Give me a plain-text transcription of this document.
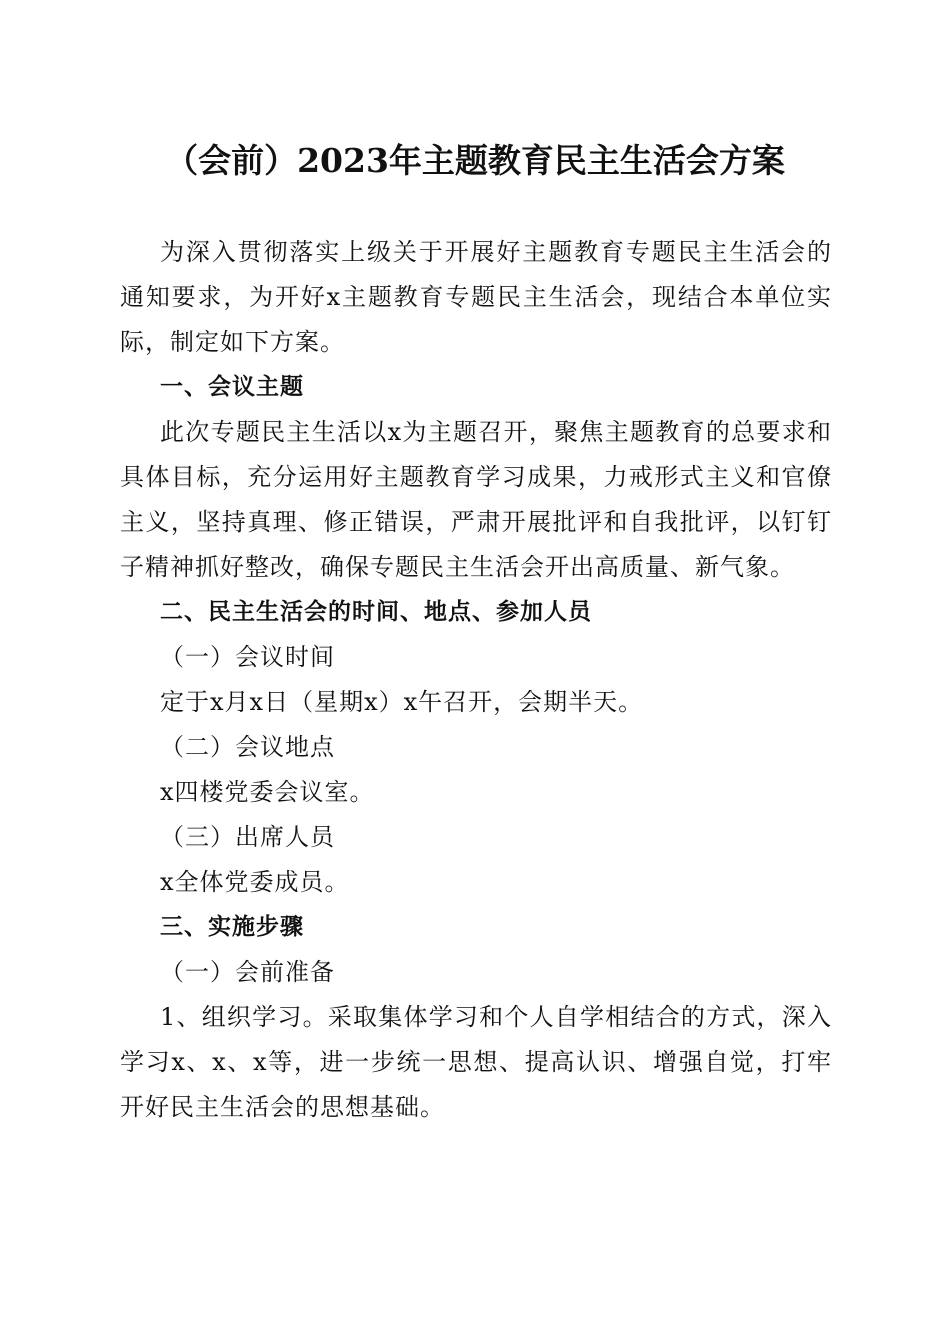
（会前）2023年主题教育民主生活会方案

为深入贯彻落实上级关于开展好主题教育专题民主生活会的通知要求，为开好x主题教育专题民主生活会，现结合本单位实际，制定如下方案。

一、会议主题

此次专题民主生活以x为主题召开，聚焦主题教育的总要求和具体目标，充分运用好主题教育学习成果，力戒形式主义和官僚主义，坚持真理、修正错误，严肃开展批评和自我批评，以钉钉子精神抓好整改，确保专题民主生活会开出高质量、新气象。

二、民主生活会的时间、地点、参加人员

（一）会议时间

定于x月x日（星期x）x午召开，会期半天。

（二）会议地点

x四楼党委会议室。

（三）出席人员

x全体党委成员。

三、实施步骤

（一）会前准备

1、组织学习。采取集体学习和个人自学相结合的方式，深入学习x、x、x等，进一步统一思想、提高认识、增强自觉，打牢开好民主生活会的思想基础。
